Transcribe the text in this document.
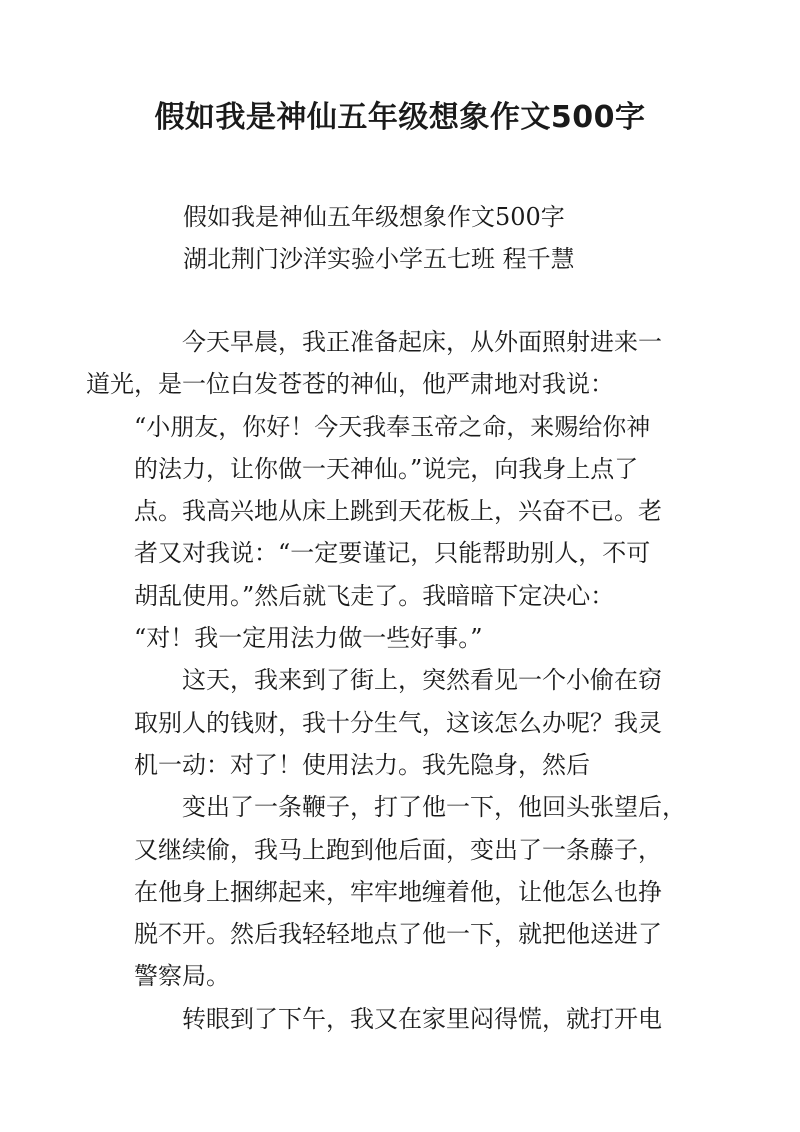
假如我是神仙五年级想象作文500字
假如我是神仙五年级想象作文500字
湖北荆门沙洋实验小学五七班 程千慧

今天早晨，我正准备起床，从外面照射进来一
道光，是一位白发苍苍的神仙，他严肃地对我说：
“小朋友，你好！今天我奉玉帝之命，来赐给你神
的法力，让你做一天神仙。”说完，向我身上点了
点。我高兴地从床上跳到天花板上，兴奋不已。老
者又对我说：“一定要谨记，只能帮助别人，不可
胡乱使用。”然后就飞走了。我暗暗下定决心：
“对！我一定用法力做一些好事。”

这天，我来到了街上，突然看见一个小偷在窃
取别人的钱财，我十分生气，这该怎么办呢？我灵
机一动：对了！使用法力。我先隐身，然后

变出了一条鞭子，打了他一下，他回头张望后，
又继续偷，我马上跑到他后面，变出了一条藤子，
在他身上捆绑起来，牢牢地缠着他，让他怎么也挣
脱不开。然后我轻轻地点了他一下，就把他送进了
警察局。

转眼到了下午，我又在家里闷得慌，就打开电
